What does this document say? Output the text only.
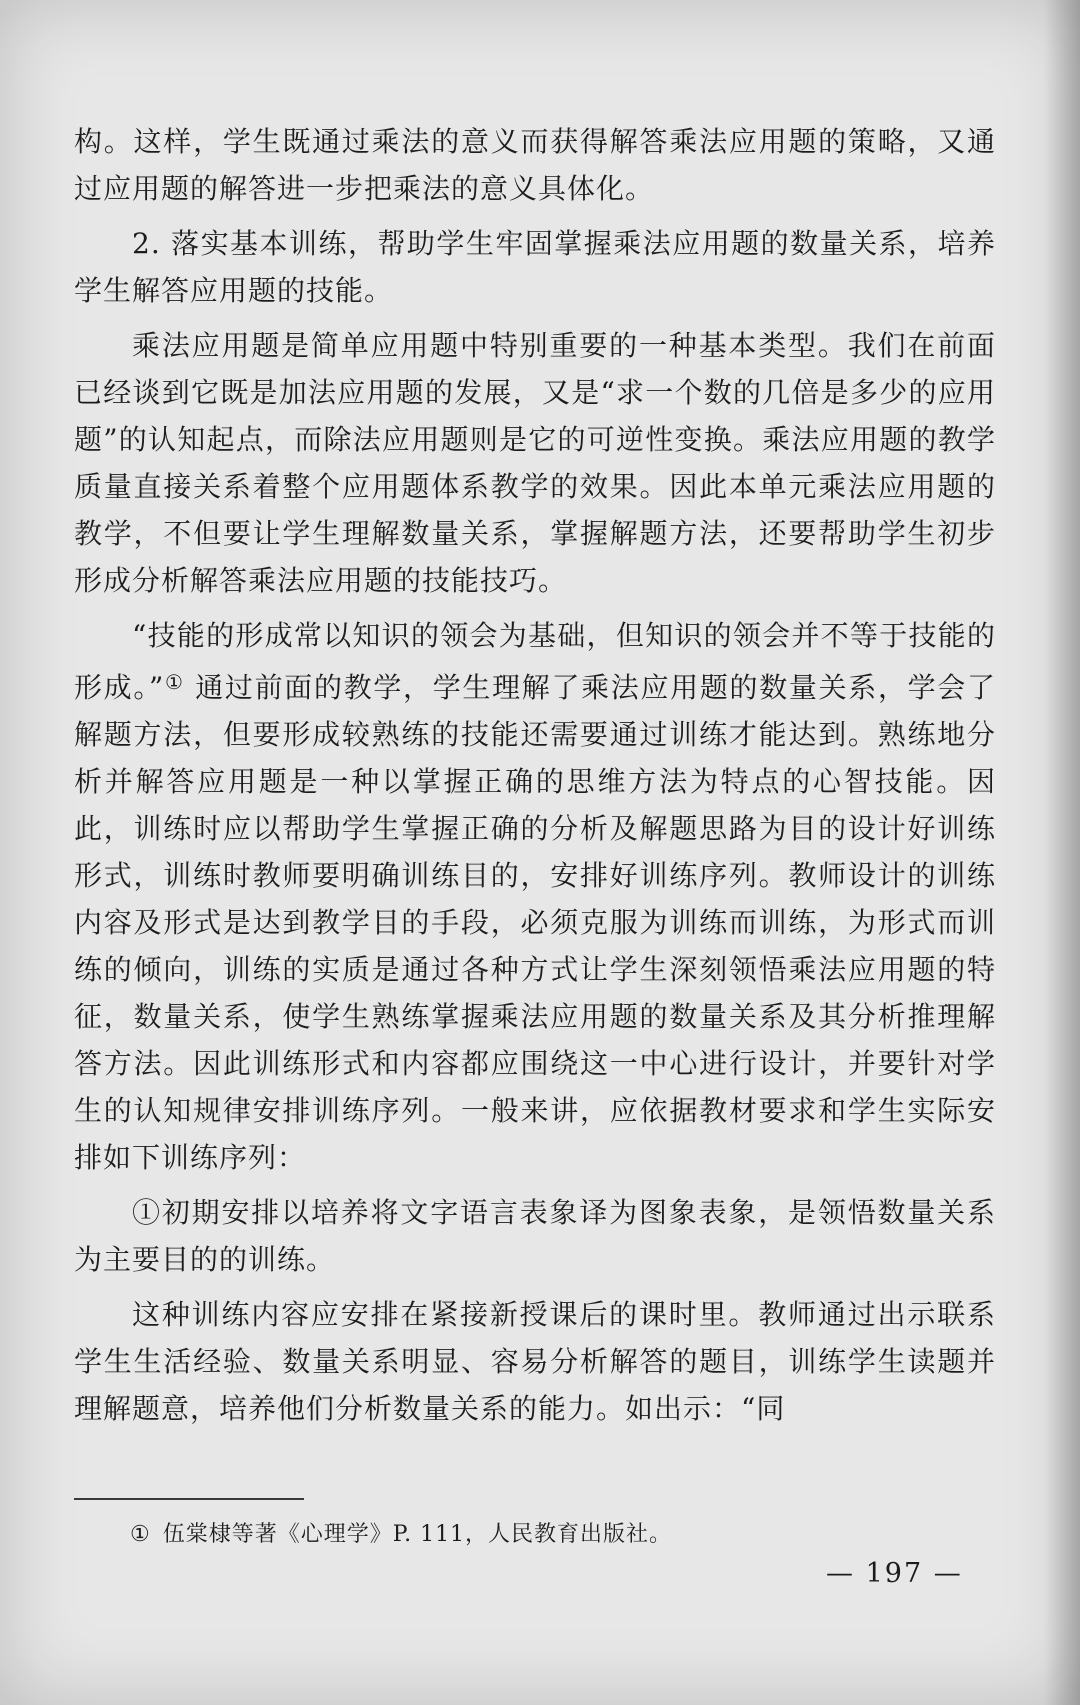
构。这样，学生既通过乘法的意义而获得解答乘法应用题的策略，又通过应用题的解答进一步把乘法的意义具体化。

2. 落实基本训练，帮助学生牢固掌握乘法应用题的数量关系，培养学生解答应用题的技能。

乘法应用题是简单应用题中特别重要的一种基本类型。我们在前面已经谈到它既是加法应用题的发展，又是“求一个数的几倍是多少的应用题”的认知起点，而除法应用题则是它的可逆性变换。乘法应用题的教学质量直接关系着整个应用题体系教学的效果。因此本单元乘法应用题的教学，不但要让学生理解数量关系，掌握解题方法，还要帮助学生初步形成分析解答乘法应用题的技能技巧。

“技能的形成常以知识的领会为基础，但知识的领会并不等于技能的形成。”① 通过前面的教学，学生理解了乘法应用题的数量关系，学会了解题方法，但要形成较熟练的技能还需要通过训练才能达到。熟练地分析并解答应用题是一种以掌握正确的思维方法为特点的心智技能。因此，训练时应以帮助学生掌握正确的分析及解题思路为目的设计好训练形式，训练时教师要明确训练目的，安排好训练序列。教师设计的训练内容及形式是达到教学目的手段，必须克服为训练而训练，为形式而训练的倾向，训练的实质是通过各种方式让学生深刻领悟乘法应用题的特征，数量关系，使学生熟练掌握乘法应用题的数量关系及其分析推理解答方法。因此训练形式和内容都应围绕这一中心进行设计，并要针对学生的认知规律安排训练序列。一般来讲，应依据教材要求和学生实际安排如下训练序列：

①初期安排以培养将文字语言表象译为图象表象，是领悟数量关系为主要目的的训练。

这种训练内容应安排在紧接新授课后的课时里。教师通过出示联系学生生活经验、数量关系明显、容易分析解答的题目，训练学生读题并理解题意，培养他们分析数量关系的能力。如出示：“同

① 伍棠棣等著《心理学》P. 111，人民教育出版社。
— 197 —
